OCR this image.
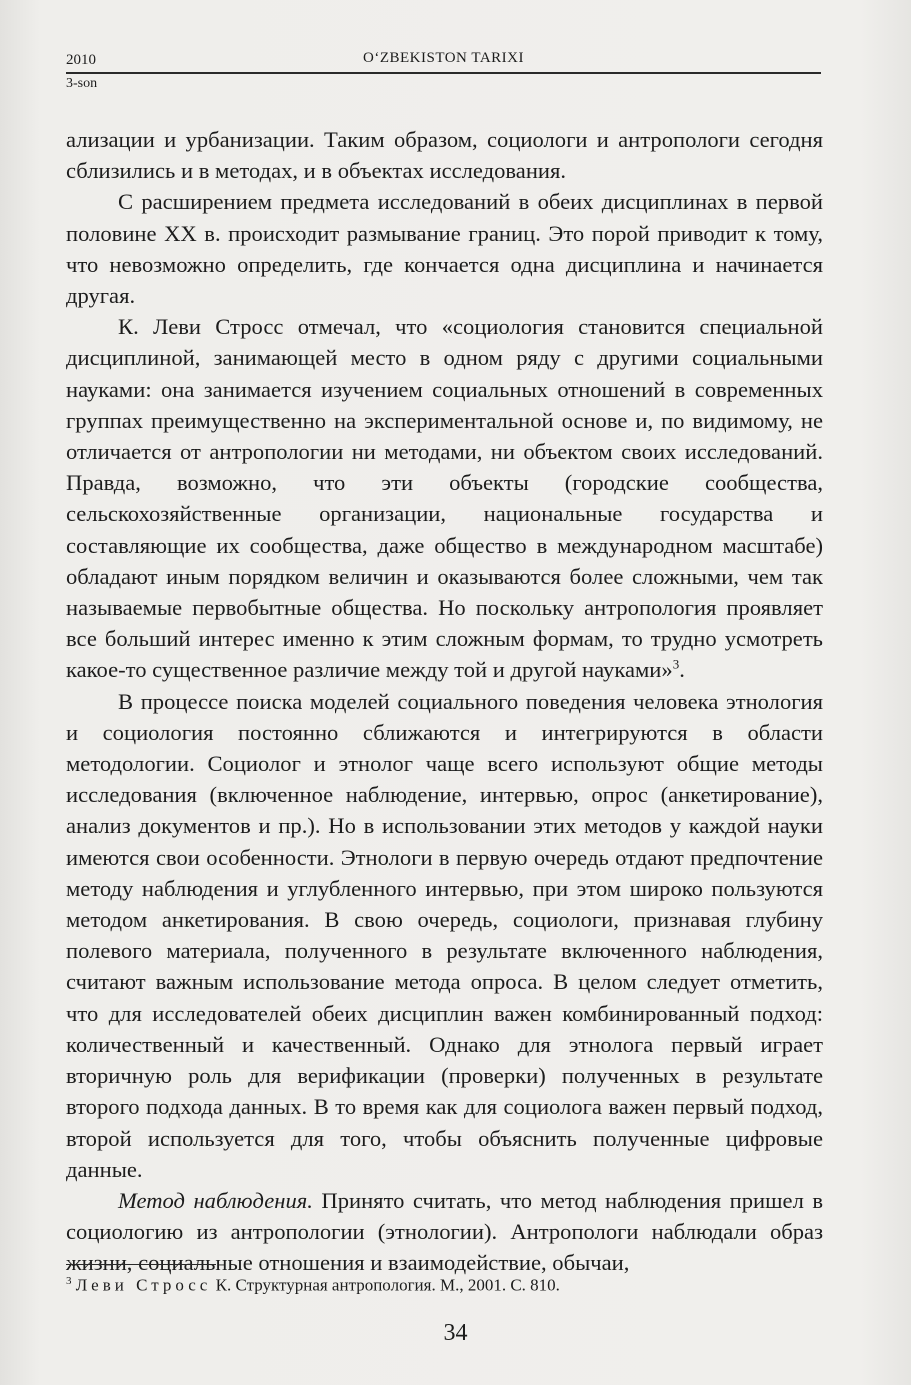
2010	O‘ZBEKISTON TARIXI
3-son

ализации и урбанизации. Таким образом, социологи и антропологи сегодня сблизились и в методах, и в объектах исследования.

С расширением предмета исследований в обеих дисциплинах в первой половине XX в. происходит размывание границ. Это порой приводит к тому, что невозможно определить, где кончается одна дисциплина и начинается другая.

К. Леви Стросс отмечал, что «социология становится специальной дисциплиной, занимающей место в одном ряду с другими социальными науками: она занимается изучением социальных отношений в современных группах преимущественно на экспериментальной основе и, по видимому, не отличается от антропологии ни методами, ни объектом своих исследований. Правда, возможно, что эти объекты (городские сообщества, сельскохозяйственные организации, национальные государства и составляющие их сообщества, даже общество в международном масштабе) обладают иным порядком величин и оказываются более сложными, чем так называемые первобытные общества. Но поскольку антропология проявляет все больший интерес именно к этим сложным формам, то трудно усмотреть какое-то существенное различие между той и другой науками»$^3$.

В процессе поиска моделей социального поведения человека этнология и социология постоянно сближаются и интегрируются в области методологии. Социолог и этнолог чаще всего используют общие методы исследования (включенное наблюдение, интервью, опрос (анкетирование), анализ документов и пр.). Но в использовании этих методов у каждой науки имеются свои особенности. Этнологи в первую очередь отдают предпочтение методу наблюдения и углубленного интервью, при этом широко пользуются методом анкетирования. В свою очередь, социологи, признавая глубину полевого материала, полученного в результате включенного наблюдения, считают важным использование метода опроса. В целом следует отметить, что для исследователей обеих дисциплин важен комбинированный подход: количественный и качественный. Однако для этнолога первый играет вторичную роль для верификации (проверки) полученных в результате второго подхода данных. В то время как для социолога важен первый подход, второй используется для того, чтобы объяснить полученные цифровые данные.

Метод наблюдения. Принято считать, что метод наблюдения пришел в социологию из антропологии (этнологии). Антропологи наблюдали образ жизни, социальные отношения и взаимодействие, обычаи,

$^3$ Леви Стросс К. Структурная антропология. М., 2001. С. 810.
34
